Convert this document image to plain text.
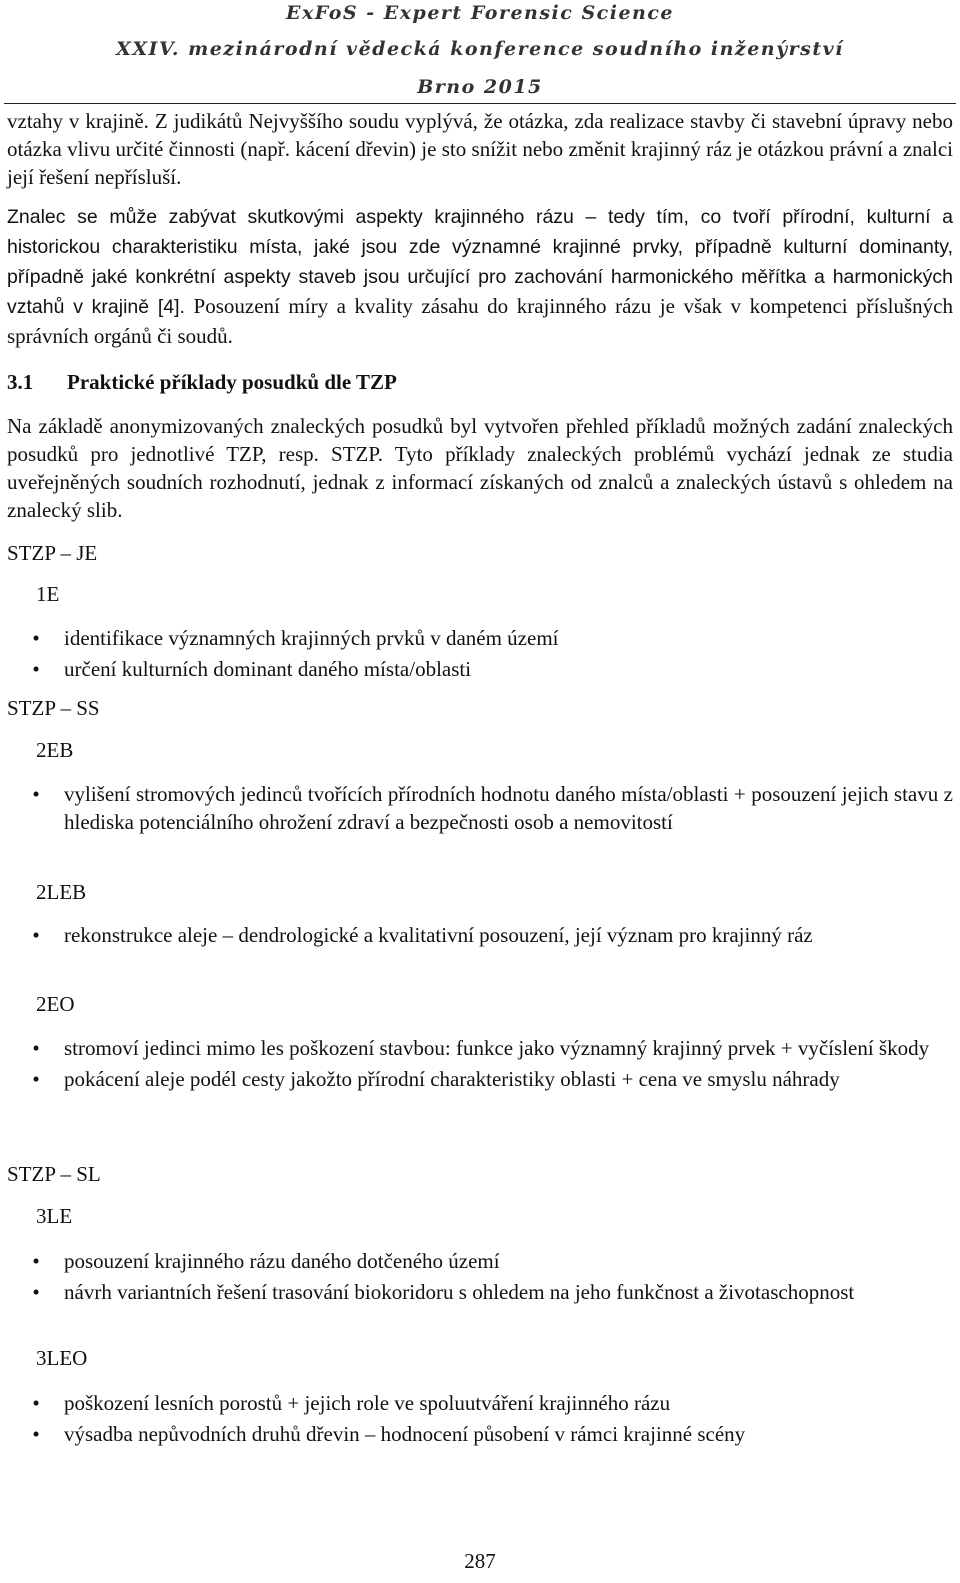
ExFoS - Expert Forensic Science
XXIV. mezinárodní vědecká konference soudního inženýrství
Brno 2015
vztahy v krajině. Z judikátů Nejvyššího soudu vyplývá, že otázka, zda realizace stavby či stavební úpravy nebo otázka vlivu určité činnosti (např. kácení dřevin) je sto snížit nebo změnit krajinný ráz je otázkou právní a znalci její řešení nepřísluší.
Znalec se může zabývat skutkovými aspekty krajinného rázu – tedy tím, co tvoří přírodní, kulturní a historickou charakteristiku místa, jaké jsou zde významné krajinné prvky, případně kulturní dominanty, případně jaké konkrétní aspekty staveb jsou určující pro zachování harmonického měřítka a harmonických vztahů v krajině [4]. Posouzení míry a kvality zásahu do krajinného rázu je však v kompetenci příslušných správních orgánů či soudů.
3.1 Praktické příklady posudků dle TZP
Na základě anonymizovaných znaleckých posudků byl vytvořen přehled příkladů možných zadání znaleckých posudků pro jednotlivé TZP, resp. STZP. Tyto příklady znaleckých problémů vychází jednak ze studia uveřejněných soudních rozhodnutí, jednak z informací získaných od znalců a znaleckých ústavů s ohledem na znalecký slib.
STZP – JE
1E
• identifikace významných krajinných prvků v daném území
• určení kulturních dominant daného místa/oblasti
STZP – SS
2EB
• vylišení stromových jedinců tvořících přírodních hodnotu daného místa/oblasti + posouzení jejich stavu z hlediska potenciálního ohrožení zdraví a bezpečnosti osob a nemovitostí
2LEB
• rekonstrukce aleje – dendrologické a kvalitativní posouzení, její význam pro krajinný ráz
2EO
• stromoví jedinci mimo les poškození stavbou: funkce jako významný krajinný prvek + vyčíslení škody
• pokácení aleje podél cesty jakožto přírodní charakteristiky oblasti + cena ve smyslu náhrady
STZP – SL
3LE
• posouzení krajinného rázu daného dotčeného území
• návrh variantních řešení trasování biokoridoru s ohledem na jeho funkčnost a životaschopnost
3LEO
• poškození lesních porostů + jejich role ve spoluutváření krajinného rázu
• výsadba nepůvodních druhů dřevin – hodnocení působení v rámci krajinné scény
287
